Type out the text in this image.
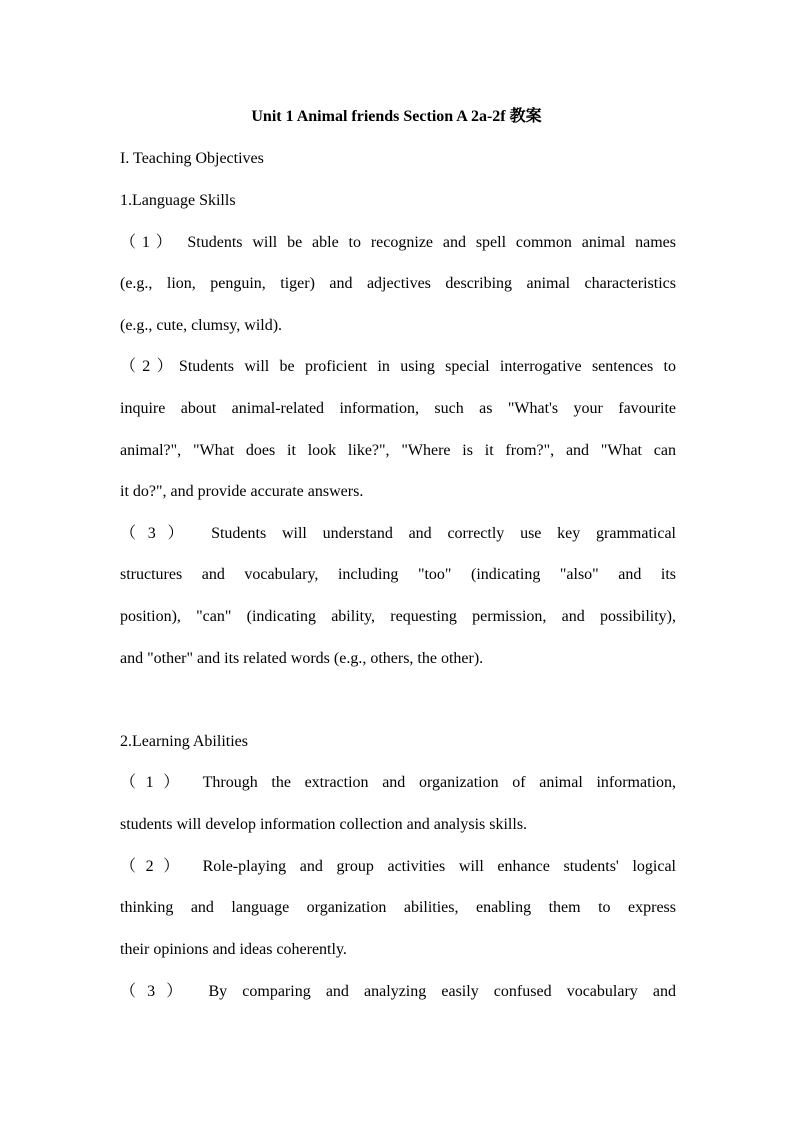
Unit 1 Animal friends Section A 2a-2f 教案
I. Teaching Objectives
1.Language Skills
（1） Students will be able to recognize and spell common animal names
(e.g., lion, penguin, tiger) and adjectives describing animal characteristics
(e.g., cute, clumsy, wild).
（2）Students will be proficient in using special interrogative sentences to
inquire about animal-related information, such as "What's your favourite
animal?", "What does it look like?", "Where is it from?", and "What can
it do?", and provide accurate answers.
（3） Students will understand and correctly use key grammatical
structures and vocabulary, including "too" (indicating "also" and its
position), "can" (indicating ability, requesting permission, and possibility),
and "other" and its related words (e.g., others, the other).
2.Learning Abilities
（1） Through the extraction and organization of animal information,
students will develop information collection and analysis skills.
（2） Role-playing and group activities will enhance students' logical
thinking and language organization abilities, enabling them to express
their opinions and ideas coherently.
（3） By comparing and analyzing easily confused vocabulary and
